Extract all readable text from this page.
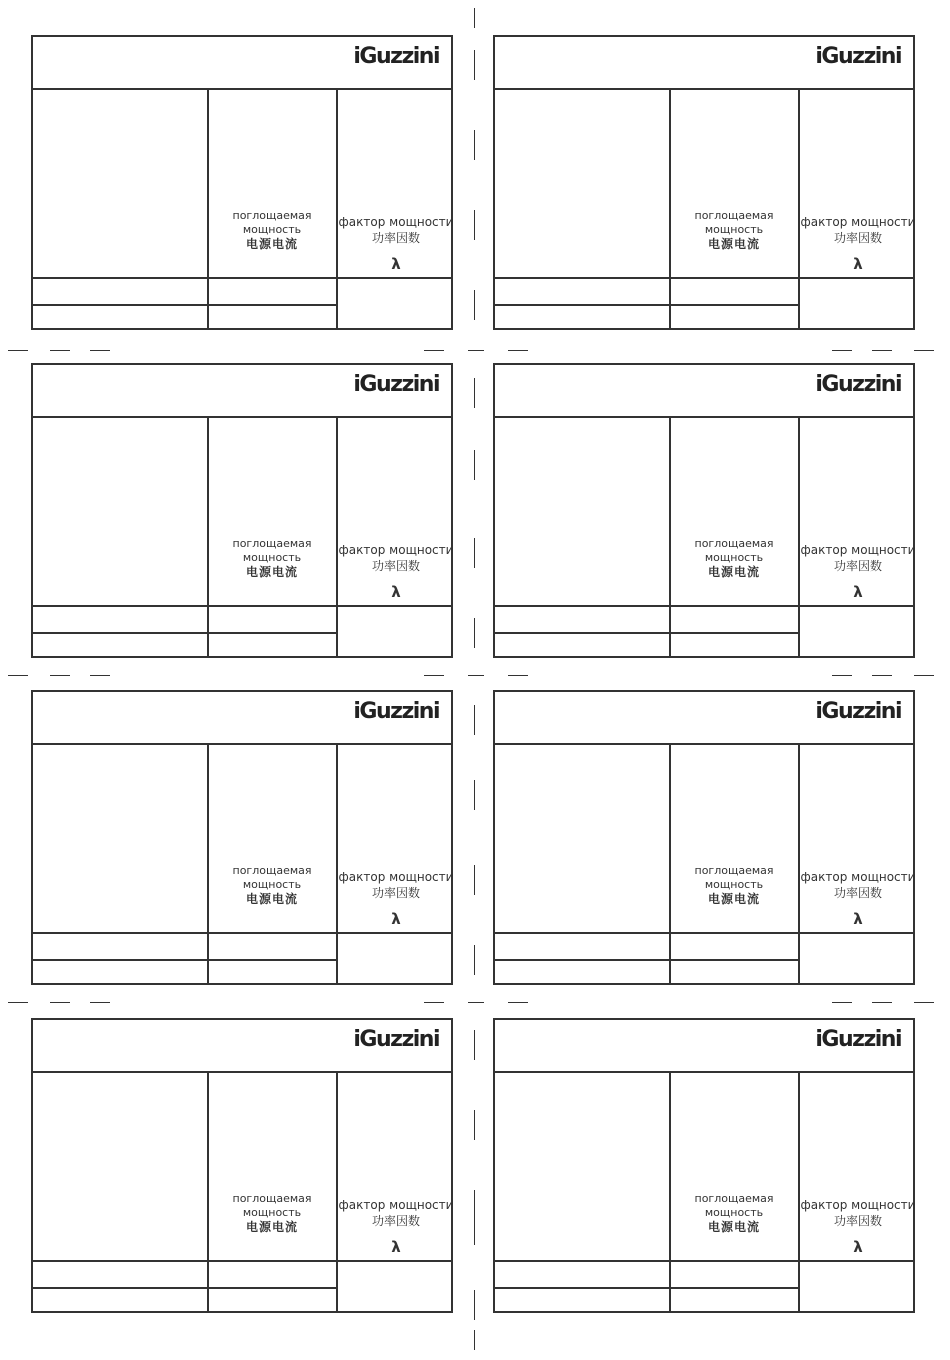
iGuzzini
поглощаемая
мощность
电源电流
фактор мощности
功率因数
λ
iGuzzini
поглощаемая
мощность
电源电流
фактор мощности
功率因数
λ
iGuzzini
поглощаемая
мощность
电源电流
фактор мощности
功率因数
λ
iGuzzini
поглощаемая
мощность
电源电流
фактор мощности
功率因数
λ
iGuzzini
поглощаемая
мощность
电源电流
фактор мощности
功率因数
λ
iGuzzini
поглощаемая
мощность
电源电流
фактор мощности
功率因数
λ
iGuzzini
поглощаемая
мощность
电源电流
фактор мощности
功率因数
λ
iGuzzini
поглощаемая
мощность
电源电流
фактор мощности
功率因数
λ
